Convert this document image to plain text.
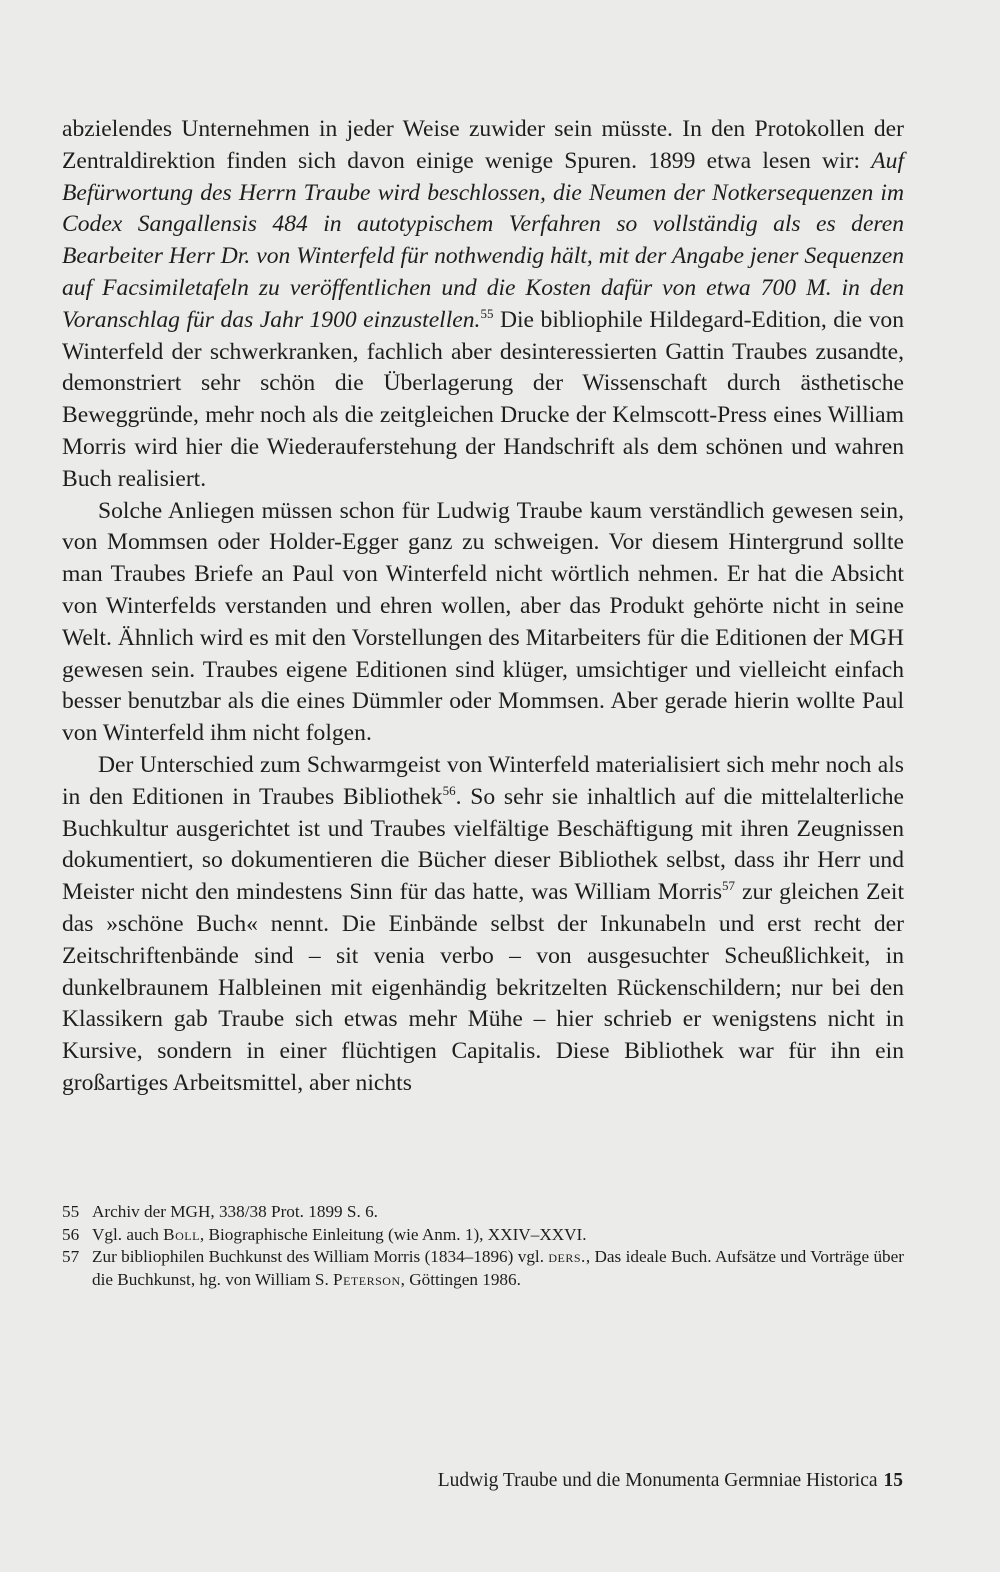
abzielendes Unternehmen in jeder Weise zuwider sein müsste. In den Protokollen der Zentraldirektion finden sich davon einige wenige Spuren. 1899 etwa lesen wir: Auf Befürwortung des Herrn Traube wird beschlossen, die Neumen der Notkersequenzen im Codex Sangallensis 484 in autotypischem Verfahren so vollständig als es deren Bearbeiter Herr Dr. von Winterfeld für nothwendig hält, mit der Angabe jener Sequenzen auf Facsimiletafeln zu veröffentlichen und die Kosten dafür von etwa 700 M. in den Voranschlag für das Jahr 1900 einzustellen.$^{55}$ Die bibliophile Hildegard-Edition, die von Winterfeld der schwerkranken, fachlich aber desinteressierten Gattin Traubes zusandte, demonstriert sehr schön die Überlagerung der Wissenschaft durch ästhetische Beweggründe, mehr noch als die zeitgleichen Drucke der Kelmscott-Press eines William Morris wird hier die Wiederauferstehung der Handschrift als dem schönen und wahren Buch realisiert.

Solche Anliegen müssen schon für Ludwig Traube kaum verständlich gewesen sein, von Mommsen oder Holder-Egger ganz zu schweigen. Vor diesem Hintergrund sollte man Traubes Briefe an Paul von Winterfeld nicht wörtlich nehmen. Er hat die Absicht von Winterfelds verstanden und ehren wollen, aber das Produkt gehörte nicht in seine Welt. Ähnlich wird es mit den Vorstellungen des Mitarbeiters für die Editionen der MGH gewesen sein. Traubes eigene Editionen sind klüger, umsichtiger und vielleicht einfach besser benutzbar als die eines Dümmler oder Mommsen. Aber gerade hierin wollte Paul von Winterfeld ihm nicht folgen.

Der Unterschied zum Schwarmgeist von Winterfeld materialisiert sich mehr noch als in den Editionen in Traubes Bibliothek$^{56}$. So sehr sie inhaltlich auf die mittelalterliche Buchkultur ausgerichtet ist und Traubes vielfältige Beschäftigung mit ihren Zeugnissen dokumentiert, so dokumentieren die Bücher dieser Bibliothek selbst, dass ihr Herr und Meister nicht den mindestens Sinn für das hatte, was William Morris$^{57}$ zur gleichen Zeit das »schöne Buch« nennt. Die Einbände selbst der Inkunabeln und erst recht der Zeitschriftenbände sind – sit venia verbo – von ausgesuchter Scheußlichkeit, in dunkelbraunem Halbleinen mit eigenhändig bekritzelten Rückenschildern; nur bei den Klassikern gab Traube sich etwas mehr Mühe – hier schrieb er wenigstens nicht in Kursive, sondern in einer flüchtigen Capitalis. Diese Bibliothek war für ihn ein großartiges Arbeitsmittel, aber nichts

55 Archiv der MGH, 338/38 Prot. 1899 S. 6.
56 Vgl. auch Boll, Biographische Einleitung (wie Anm. 1), XXIV–XXVI.
57 Zur bibliophilen Buchkunst des William Morris (1834–1896) vgl. ders., Das ideale Buch. Aufsätze und Vorträge über die Buchkunst, hg. von William S. Peterson, Göttingen 1986.
Ludwig Traube und die Monumenta Germniae Historica 15
